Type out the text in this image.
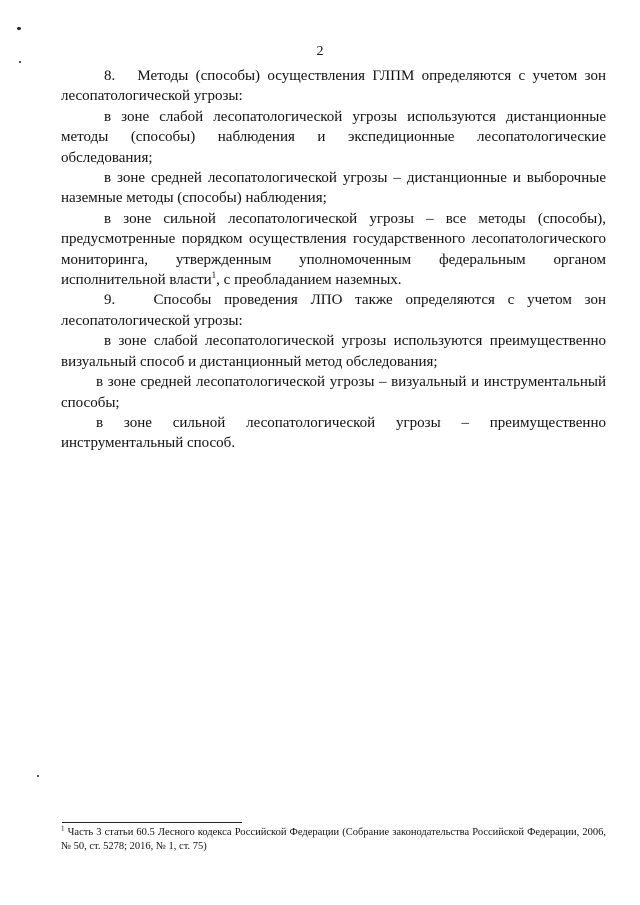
2

8. Методы (способы) осуществления ГЛПМ определяются с учетом зон лесопатологической угрозы:

в зоне слабой лесопатологической угрозы используются дистанционные методы (способы) наблюдения и экспедиционные лесопатологические обследования;

в зоне средней лесопатологической угрозы – дистанционные и выборочные наземные методы (способы) наблюдения;

в зоне сильной лесопатологической угрозы – все методы (способы), предусмотренные порядком осуществления государственного лесопатологического мониторинга, утвержденным уполномоченным федеральным органом исполнительной власти$^1$, с преобладанием наземных.

9.	Способы проведения ЛПО также определяются с учетом зон лесопатологической угрозы:

в зоне слабой лесопатологической угрозы используются преимущественно визуальный способ и дистанционный метод обследования;

в зоне средней лесопатологической угрозы – визуальный и инструментальный способы;

в зоне сильной лесопатологической угрозы – преимущественно инструментальный способ.

$^1$ Часть 3 статьи 60.5 Лесного кодекса Российской Федерации (Собрание законодательства Российской Федерации, 2006, № 50, ст. 5278; 2016, № 1, ст. 75)
